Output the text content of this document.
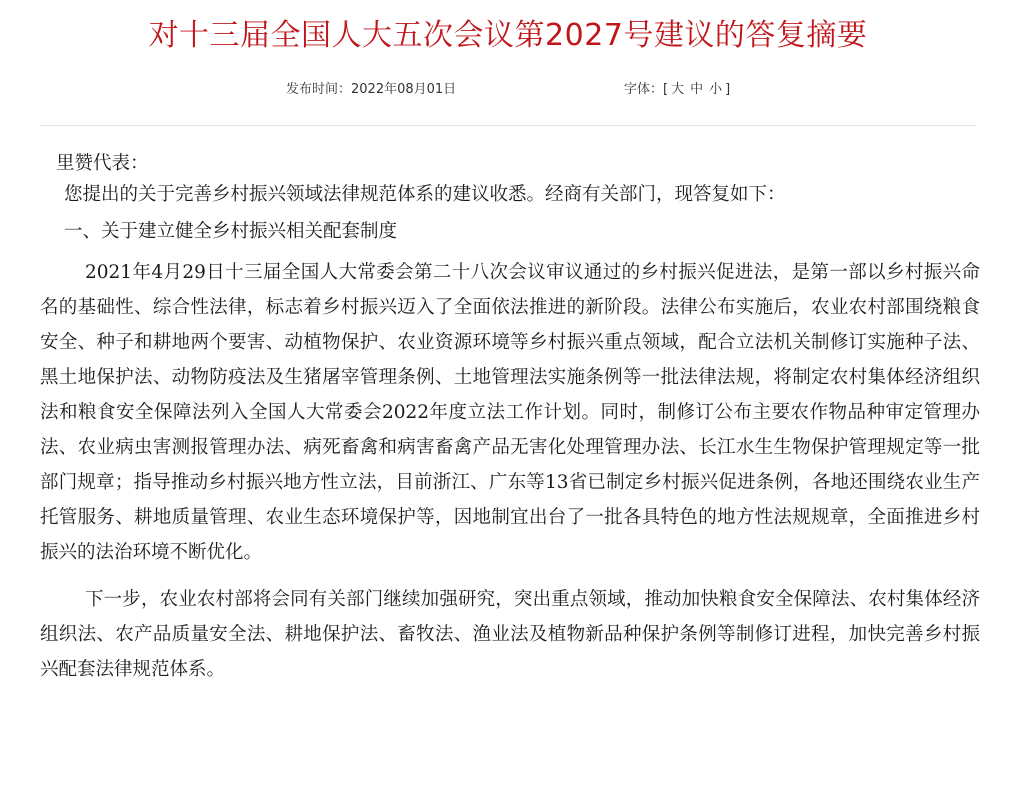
对十三届全国人大五次会议第2027号建议的答复摘要
发布时间：2022年08月01日	字体：[ 大 中 小 ]

里赞代表：

您提出的关于完善乡村振兴领域法律规范体系的建议收悉。经商有关部门，现答复如下：

一、关于建立健全乡村振兴相关配套制度

2021年4月29日十三届全国人大常委会第二十八次会议审议通过的乡村振兴促进法，是第一部以乡村振兴命名的基础性、综合性法律，标志着乡村振兴迈入了全面依法推进的新阶段。法律公布实施后，农业农村部围绕粮食安全、种子和耕地两个要害、动植物保护、农业资源环境等乡村振兴重点领域，配合立法机关制修订实施种子法、黑土地保护法、动物防疫法及生猪屠宰管理条例、土地管理法实施条例等一批法律法规，将制定农村集体经济组织法和粮食安全保障法列入全国人大常委会2022年度立法工作计划。同时，制修订公布主要农作物品种审定管理办法、农业病虫害测报管理办法、病死畜禽和病害畜禽产品无害化处理管理办法、长江水生生物保护管理规定等一批部门规章；指导推动乡村振兴地方性立法，目前浙江、广东等13省已制定乡村振兴促进条例，各地还围绕农业生产托管服务、耕地质量管理、农业生态环境保护等，因地制宜出台了一批各具特色的地方性法规规章，全面推进乡村振兴的法治环境不断优化。

下一步，农业农村部将会同有关部门继续加强研究，突出重点领域，推动加快粮食安全保障法、农村集体经济组织法、农产品质量安全法、耕地保护法、畜牧法、渔业法及植物新品种保护条例等制修订进程，加快完善乡村振兴配套法律规范体系。
